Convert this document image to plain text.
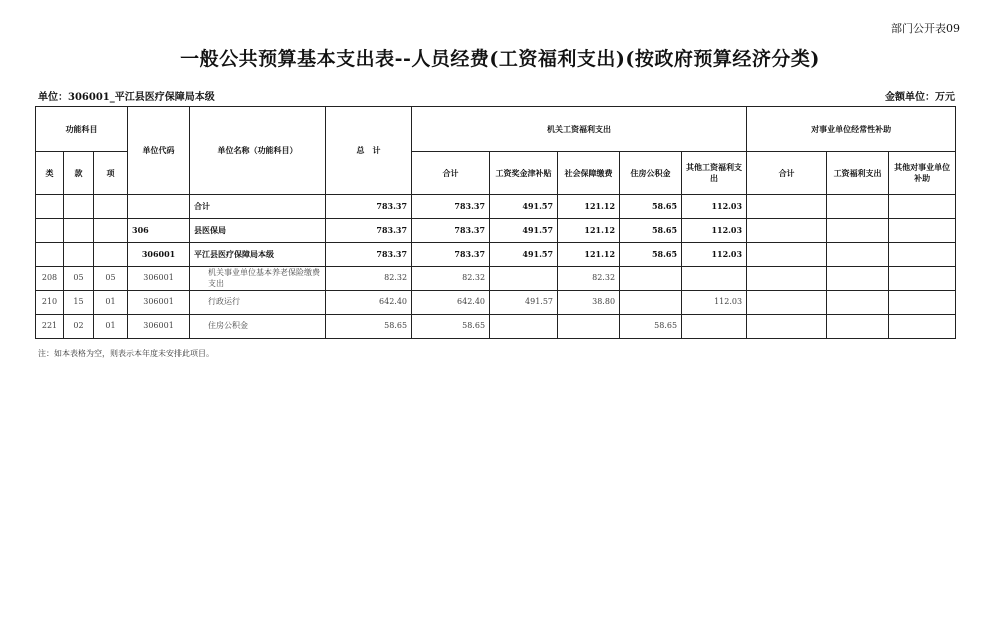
部门公开表09
一般公共预算基本支出表--人员经费(工资福利支出)(按政府预算经济分类)
单位：306001_平江县医疗保障局本级	金额单位：万元
功能科目			单位代码	单位名称（功能科目）	总　计	机关工资福利支出					对事业单位经常性补助		
类	款	项				合计	工资奖金津补贴	社会保障缴费	住房公积金	其他工资福利支出	合计	工资福利支出	其他对事业单位补助
				合计	783.37	783.37	491.57	121.12	58.65	112.03			
			306	县医保局	783.37	783.37	491.57	121.12	58.65	112.03			
			306001	平江县医疗保障局本级	783.37	783.37	491.57	121.12	58.65	112.03			
208	05	05	306001	机关事业单位基本养老保险缴费支出	82.32	82.32		82.32					
210	15	01	306001	行政运行	642.40	642.40	491.57	38.80		112.03			
221	02	01	306001	住房公积金	58.65	58.65			58.65				
注：如本表格为空，则表示本年度未安排此项目。
